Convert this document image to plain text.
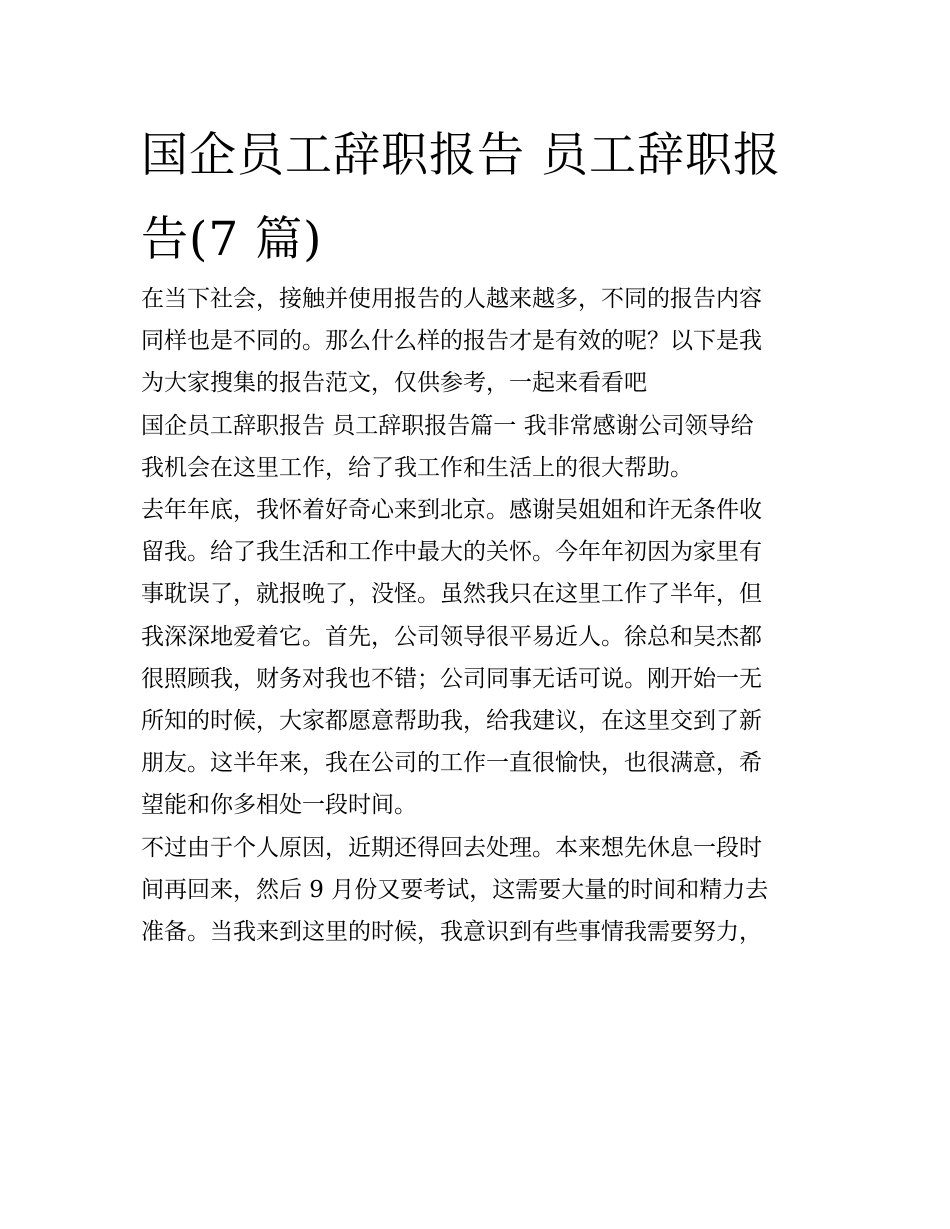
国企员工辞职报告 员工辞职报
告(7 篇)

在当下社会，接触并使用报告的人越来越多，不同的报告内容
同样也是不同的。那么什么样的报告才是有效的呢？以下是我
为大家搜集的报告范文，仅供参考，一起来看看吧

国企员工辞职报告 员工辞职报告篇一 我非常感谢公司领导给
我机会在这里工作，给了我工作和生活上的很大帮助。

去年年底，我怀着好奇心来到北京。感谢吴姐姐和许无条件收
留我。给了我生活和工作中最大的关怀。今年年初因为家里有
事耽误了，就报晚了，没怪。虽然我只在这里工作了半年，但
我深深地爱着它。首先，公司领导很平易近人。徐总和吴杰都
很照顾我，财务对我也不错；公司同事无话可说。刚开始一无
所知的时候，大家都愿意帮助我，给我建议，在这里交到了新
朋友。这半年来，我在公司的工作一直很愉快，也很满意，希
望能和你多相处一段时间。

不过由于个人原因，近期还得回去处理。本来想先休息一段时
间再回来，然后 9 月份又要考试，这需要大量的时间和精力去
准备。当我来到这里的时候，我意识到有些事情我需要努力，
